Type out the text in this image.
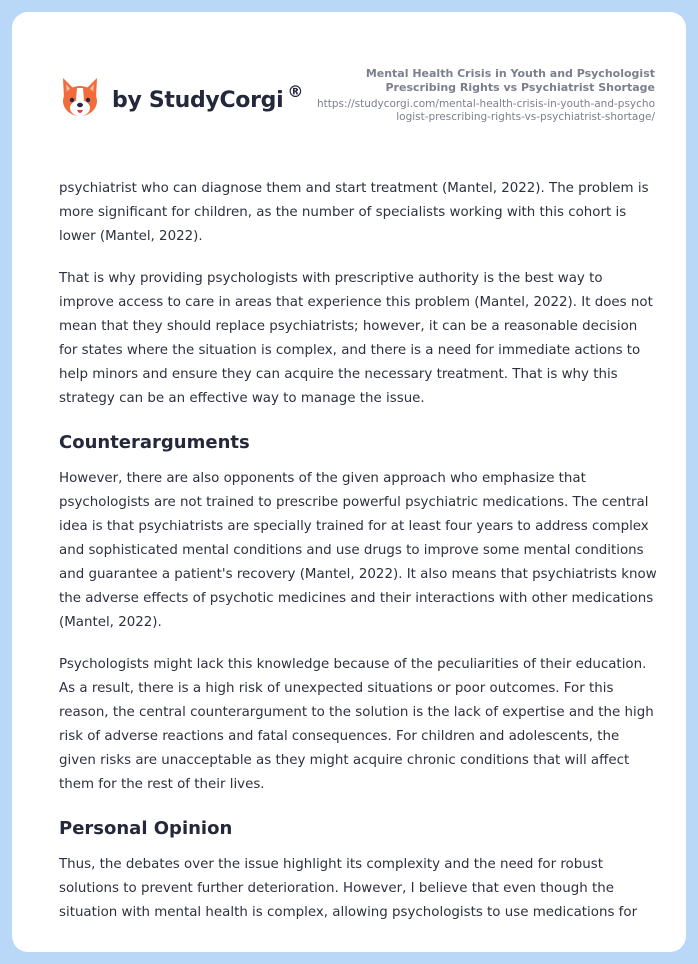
by StudyCorgi ®
Mental Health Crisis in Youth and Psychologist Prescribing Rights vs Psychiatrist Shortage
https://studycorgi.com/mental-health-crisis-in-youth-and-psychologist-prescribing-rights-vs-psychiatrist-shortage/

psychiatrist who can diagnose them and start treatment (Mantel, 2022). The problem is more significant for children, as the number of specialists working with this cohort is lower (Mantel, 2022).

That is why providing psychologists with prescriptive authority is the best way to improve access to care in areas that experience this problem (Mantel, 2022). It does not mean that they should replace psychiatrists; however, it can be a reasonable decision for states where the situation is complex, and there is a need for immediate actions to help minors and ensure they can acquire the necessary treatment. That is why this strategy can be an effective way to manage the issue.

Counterarguments

However, there are also opponents of the given approach who emphasize that psychologists are not trained to prescribe powerful psychiatric medications. The central idea is that psychiatrists are specially trained for at least four years to address complex and sophisticated mental conditions and use drugs to improve some mental conditions and guarantee a patient's recovery (Mantel, 2022). It also means that psychiatrists know the adverse effects of psychotic medicines and their interactions with other medications (Mantel, 2022).

Psychologists might lack this knowledge because of the peculiarities of their education. As a result, there is a high risk of unexpected situations or poor outcomes. For this reason, the central counterargument to the solution is the lack of expertise and the high risk of adverse reactions and fatal consequences. For children and adolescents, the given risks are unacceptable as they might acquire chronic conditions that will affect them for the rest of their lives.

Personal Opinion

Thus, the debates over the issue highlight its complexity and the need for robust solutions to prevent further deterioration. However, I believe that even though the situation with mental health is complex, allowing psychologists to use medications for
